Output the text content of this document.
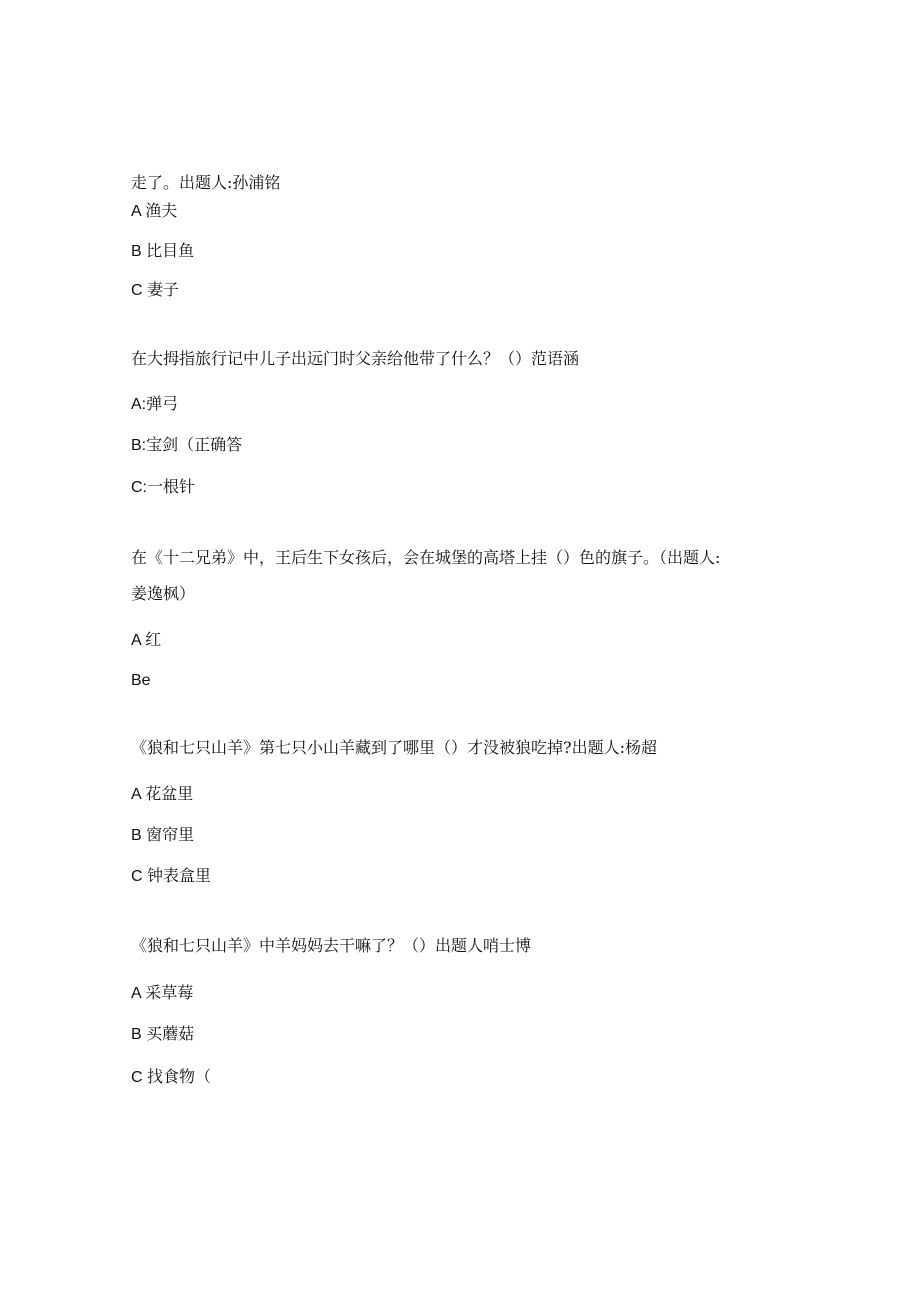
走了。出题人:孙浦铭
A 渔夫
B 比目鱼
C 妻子
在大拇指旅行记中儿子出远门时父亲给他带了什么？（）范语涵
A:弹弓
B:宝剑（正确答
C:一根针
在《十二兄弟》中，王后生下女孩后，会在城堡的高塔上挂（）色的旗子。（出题人:
姜逸枫）
A 红
Be
《狼和七只山羊》第七只小山羊藏到了哪里（）才没被狼吃掉?出题人:杨超
A 花盆里
B 窗帘里
C 钟表盒里
《狼和七只山羊》中羊妈妈去干嘛了？（）出题人哨士博
A 采草莓
B 买蘑菇
C 找食物（
